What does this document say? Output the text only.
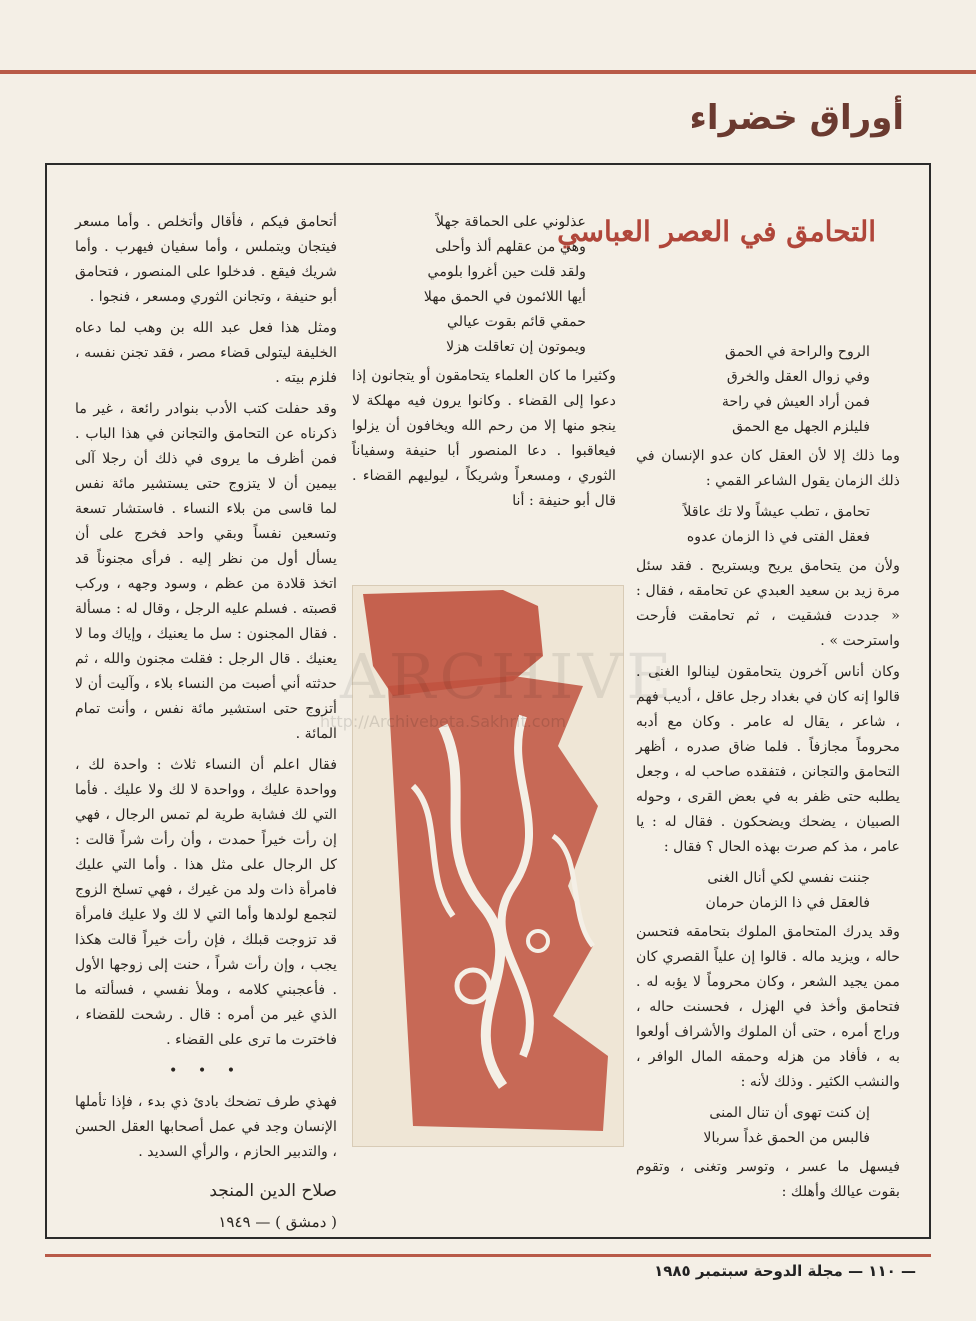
أوراق خضراء
التحامق في العصر العباسي
الروح والراحة في الحمق
وفي زوال العقل والخرق
فمن أراد العيش في راحة
فليلزم الجهل مع الحمق

وما ذلك إلا لأن العقل كان عدو الإنسان في ذلك الزمان يقول الشاعر القمي :

تحامق ، تطب عيشاً ولا تك عاقلاً
فعقل الفتى في ذا الزمان عدوه

ولأن من يتحامق يريح ويستريح . فقد سئل مرة زيد بن سعيد العبدي عن تحامقه ، فقال : « جددت فشقيت ، ثم تحامقت فأرحت واسترحت » .

وكان أناس آخرون يتحامقون لينالوا الغنى . قالوا إنه كان في بغداد رجل عاقل ، أديب فهم ، شاعر ، يقال له عامر . وكان مع أدبه محروماً مجازفاً . فلما ضاق صدره ، أظهر التحامق والتجانن ، فتفقده صاحب له ، وجعل يطلبه حتى ظفر به في بعض القرى ، وحوله الصبيان ، يضحك ويضحكون . فقال له : يا عامر ، مذ كم صرت بهذه الحال ؟ فقال :

جننت نفسي لكي أنال الغنى
فالعقل في ذا الزمان حرمان

وقد يدرك المتحامق الملوك بتحامقه فتحسن حاله ، ويزيد ماله . قالوا إن علياً القصري كان ممن يجيد الشعر ، وكان محروماً لا يؤبه له . فتحامق وأخذ في الهزل ، فحسنت حاله ، وراج أمره ، حتى أن الملوك والأشراف أولعوا به ، فأفاد من هزله وحمقه المال الوافر ، والنشب الكثير . وذلك لأنه :

إن كنت تهوى أن تنال المنى
فالبس من الحمق غداً سربالا

فيسهل ما عسر ، وتوسر وتغنى ، وتقوم بقوت عيالك وأهلك :

عذلوني على الحماقة جهلاً
وهي من عقلهم ألذ وأحلى
ولقد قلت حين أغروا بلومي
أيها اللائمون في الحمق مهلا
حمقي قائم بقوت عيالي
ويموتون إن تعاقلت هزلا

وكثيرا ما كان العلماء يتحامقون أو يتجانون إذا دعوا إلى القضاء . وكانوا يرون فيه مهلكة لا ينجو منها إلا من رحم الله ويخافون أن يزلوا فيعاقبوا . دعا المنصور أبا حنيفة وسفياناً الثوري ، ومسعراً وشريكاً ، ليوليهم القضاء . قال أبو حنيفة : أنا

ARCHIVE
http://Archivebeta.Sakhrit.com

أتحامق فيكم ، فأقال وأتخلص . وأما مسعر فيتجان ويتملس ، وأما سفيان فيهرب . وأما شريك فيقع . فدخلوا على المنصور ، فتحامق أبو حنيفة ، وتجانن الثوري ومسعر ، فنجوا .

ومثل هذا فعل عبد الله بن وهب لما دعاه الخليفة ليتولى قضاء مصر ، فقد تجنن نفسه ، فلزم بيته .

وقد حفلت كتب الأدب بنوادر رائعة ، غير ما ذكرناه عن التحامق والتجانن في هذا الباب . فمن أظرف ما يروى في ذلك أن رجلا آلى بيمين أن لا يتزوج حتى يستشير مائة نفس لما قاسى من بلاء النساء . فاستشار تسعة وتسعين نفساً وبقي واحد فخرج على أن يسأل أول من نظر إليه . فرأى مجنوناً قد اتخذ قلادة من عظم ، وسود وجهه ، وركب قصبته . فسلم عليه الرجل ، وقال له : مسألة . فقال المجنون : سل ما يعنيك ، وإياك وما لا يعنيك . قال الرجل : فقلت مجنون والله ، ثم حدثته أني أصبت من النساء بلاء ، وآليت أن لا أتزوج حتى استشير مائة نفس ، وأنت تمام المائة .

فقال اعلم أن النساء ثلاث : واحدة لك ، وواحدة عليك ، وواحدة لا لك ولا عليك . فأما التي لك فشابة طرية لم تمس الرجال ، فهي إن رأت خيراً حمدت ، وأن رأت شراً قالت : كل الرجال على مثل هذا . وأما التي عليك فامرأة ذات ولد من غيرك ، فهي تسلخ الزوج لتجمع لولدها وأما التي لا لك ولا عليك فامرأة قد تزوجت قبلك ، فإن رأت خيراً قالت هكذا يجب ، وإن رأت شراً ، حنت إلى زوجها الأول . فأعجبني كلامه ، وملأ نفسي ، فسألته ما الذي غير من أمره : قال . رشحت للقضاء ، فاخترت ما ترى على القضاء .

• • •

فهذي طرف تضحك بادئ ذي بدء ، فإذا تأملها الإنسان وجد في عمل أصحابها العقل الحسن ، والتدبير الحازم ، والرأي السديد .

صلاح الدين المنجد
( دمشق ) — ١٩٤٩
— ١١٠ — مجلة الدوحة سبتمبر ١٩٨٥
